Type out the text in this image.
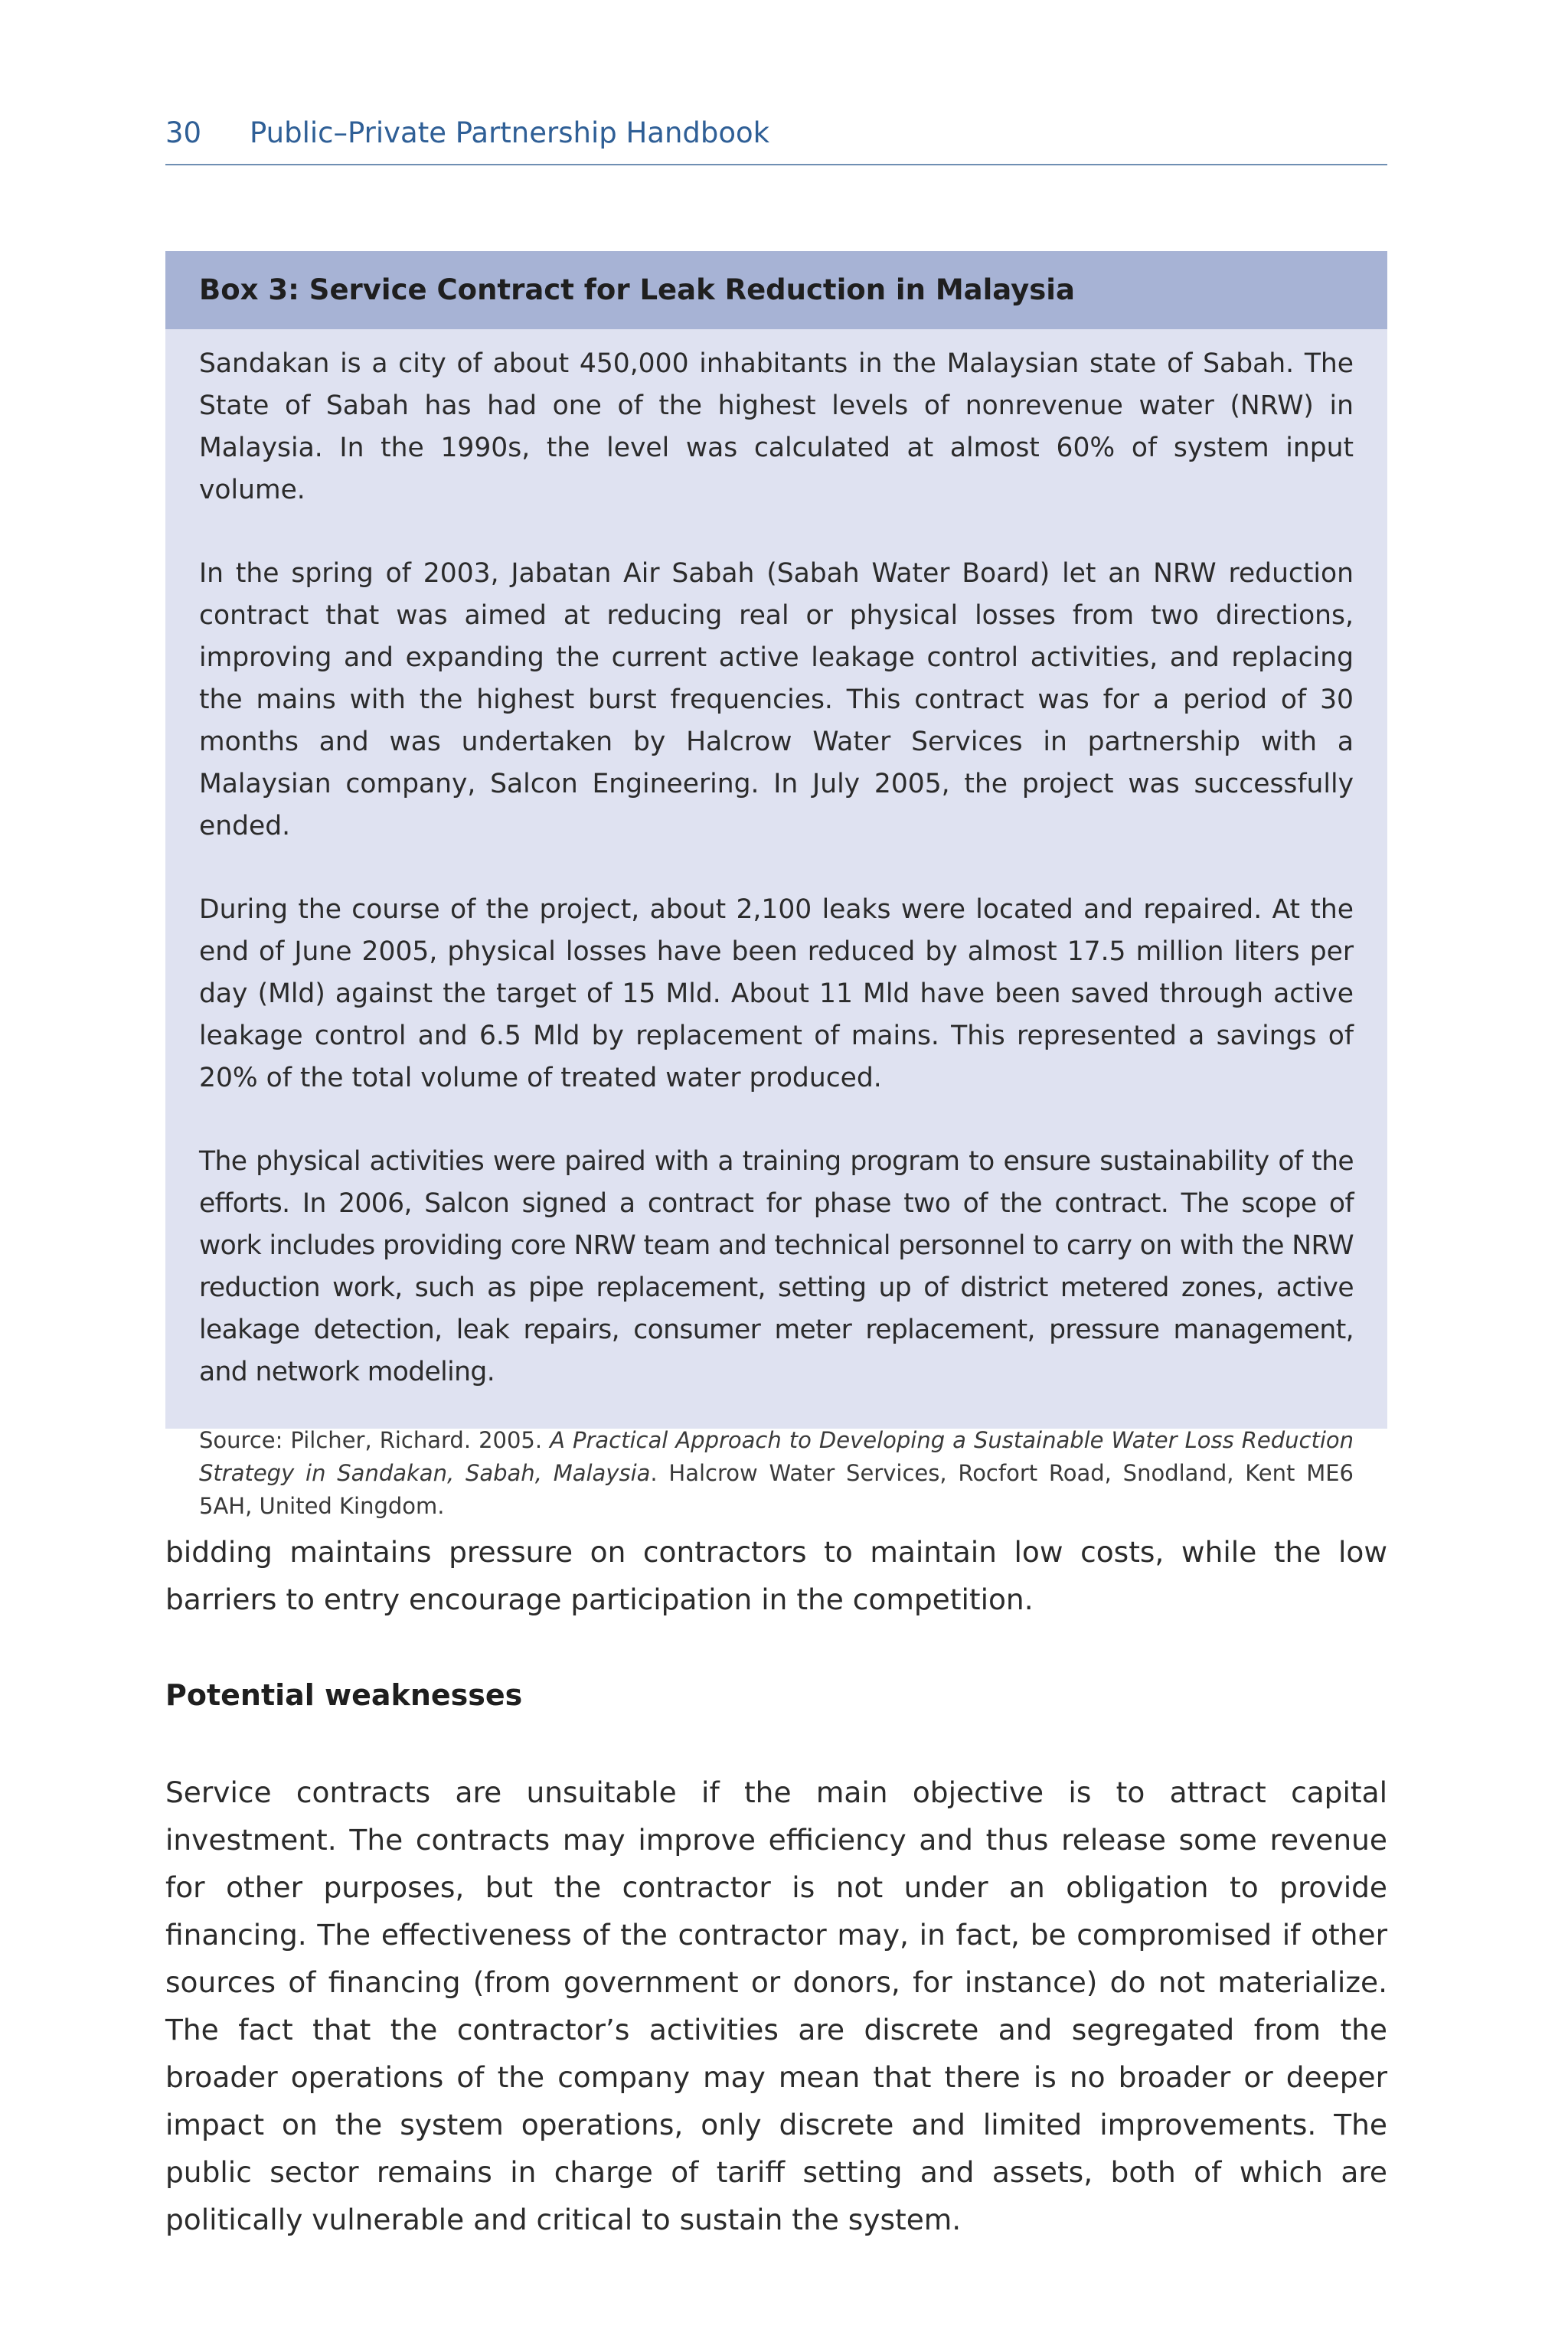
30 Public–Private Partnership Handbook
Box 3: Service Contract for Leak Reduction in Malaysia

Sandakan is a city of about 450,000 inhabitants in the Malaysian state of Sabah. The State of Sabah has had one of the highest levels of nonrevenue water (NRW) in Malaysia. In the 1990s, the level was calculated at almost 60% of system input volume.

In the spring of 2003, Jabatan Air Sabah (Sabah Water Board) let an NRW reduction contract that was aimed at reducing real or physical losses from two directions, improving and expanding the current active leakage control activities, and replacing the mains with the highest burst frequencies. This contract was for a period of 30 months and was undertaken by Halcrow Water Services in partnership with a Malaysian company, Salcon Engineering. In July 2005, the project was successfully ended.

During the course of the project, about 2,100 leaks were located and repaired. At the end of June 2005, physical losses have been reduced by almost 17.5 million liters per day (Mld) against the target of 15 Mld. About 11 Mld have been saved through active leakage control and 6.5 Mld by replacement of mains. This represented a savings of 20% of the total volume of treated water produced.

The physical activities were paired with a training program to ensure sustainability of the efforts. In 2006, Salcon signed a contract for phase two of the contract. The scope of work includes providing core NRW team and technical personnel to carry on with the NRW reduction work, such as pipe replacement, setting up of district metered zones, active leakage detection, leak repairs, consumer meter replacement, pressure management, and network modeling.

Source: Pilcher, Richard. 2005. A Practical Approach to Developing a Sustainable Water Loss Reduction Strategy in Sandakan, Sabah, Malaysia. Halcrow Water Services, Rocfort Road, Snodland, Kent ME6 5AH, United Kingdom.

bidding maintains pressure on contractors to maintain low costs, while the low barriers to entry encourage participation in the competition.

Potential weaknesses

Service contracts are unsuitable if the main objective is to attract capital investment. The contracts may improve efficiency and thus release some revenue for other purposes, but the contractor is not under an obligation to provide financing. The effectiveness of the contractor may, in fact, be compromised if other sources of financing (from government or donors, for instance) do not materialize. The fact that the contractor’s activities are discrete and segregated from the broader operations of the company may mean that there is no broader or deeper impact on the system operations, only discrete and limited improvements. The public sector remains in charge of tariff setting and assets, both of which are politically vulnerable and critical to sustain the system.
